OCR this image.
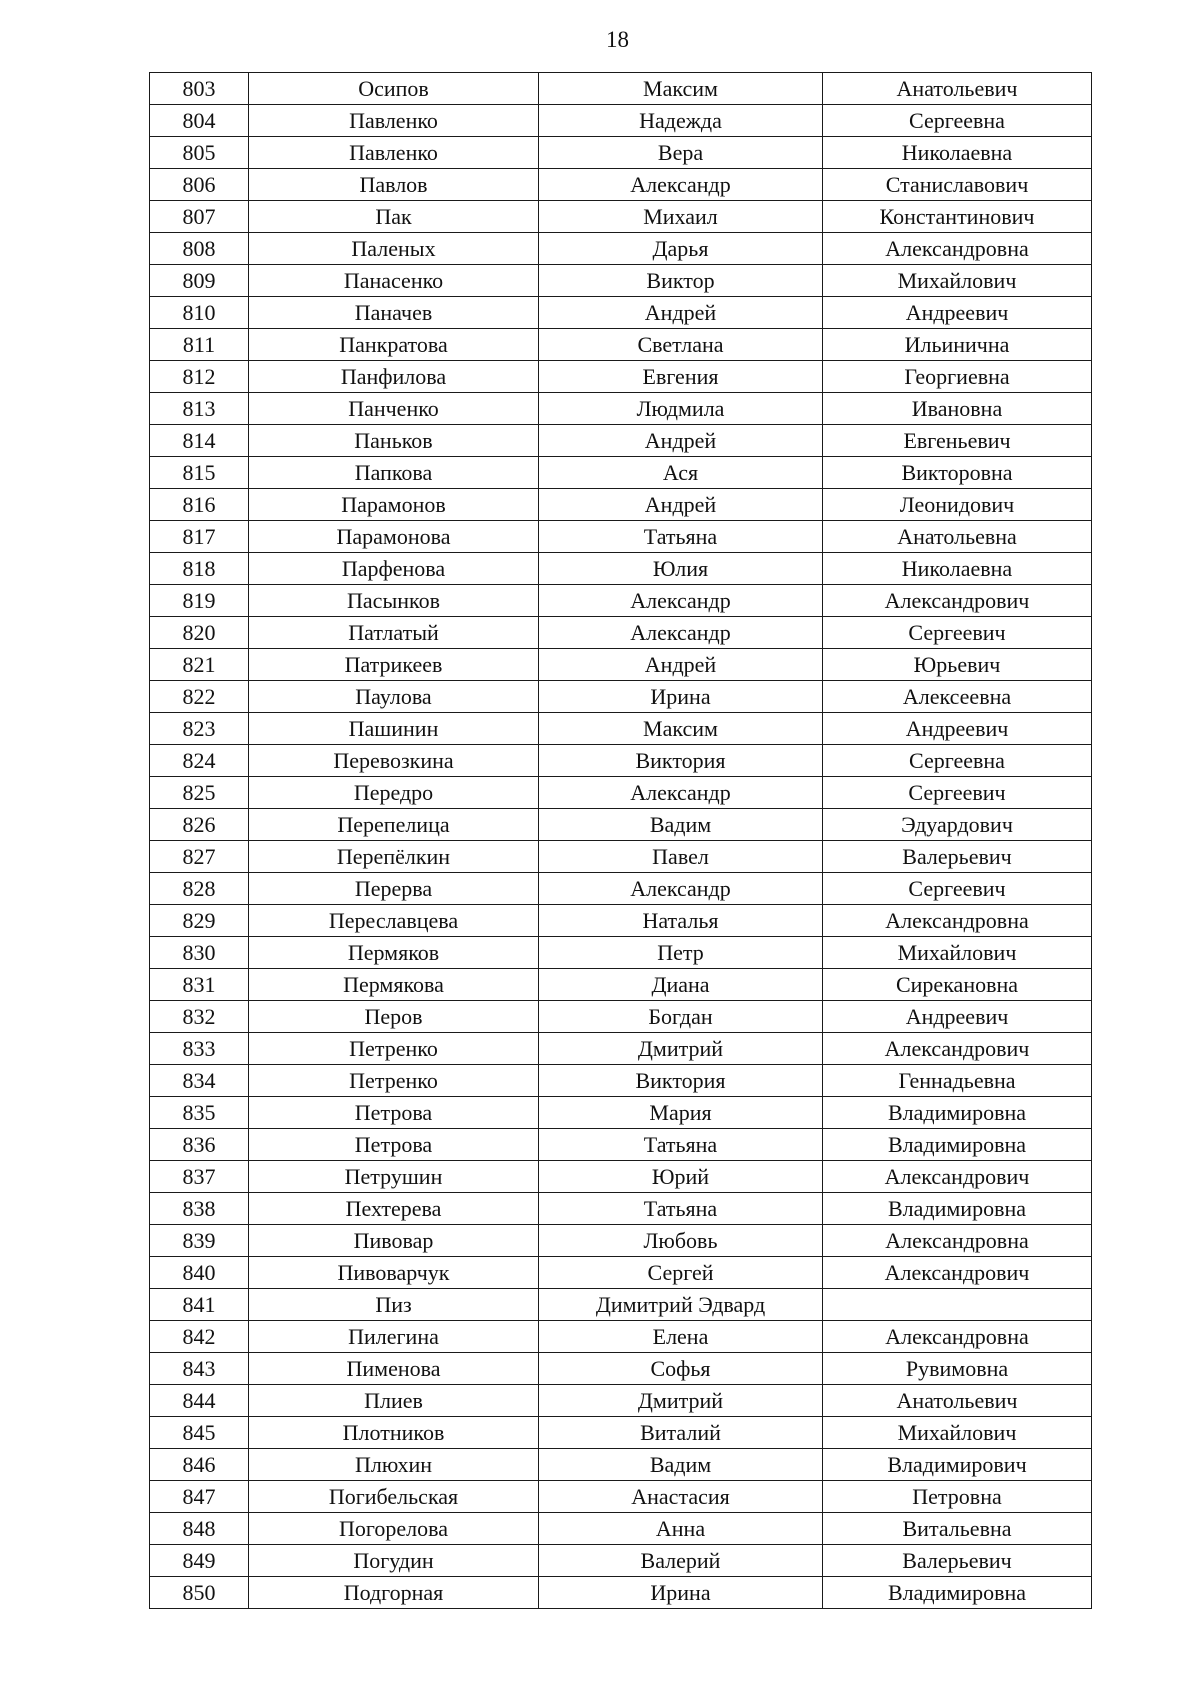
18
803	Осипов	Максим	Анатольевич
804	Павленко	Надежда	Сергеевна
805	Павленко	Вера	Николаевна
806	Павлов	Александр	Станиславович
807	Пак	Михаил	Константинович
808	Паленых	Дарья	Александровна
809	Панасенко	Виктор	Михайлович
810	Паначев	Андрей	Андреевич
811	Панкратова	Светлана	Ильинична
812	Панфилова	Евгения	Георгиевна
813	Панченко	Людмила	Ивановна
814	Паньков	Андрей	Евгеньевич
815	Папкова	Ася	Викторовна
816	Парамонов	Андрей	Леонидович
817	Парамонова	Татьяна	Анатольевна
818	Парфенова	Юлия	Николаевна
819	Пасынков	Александр	Александрович
820	Патлатый	Александр	Сергеевич
821	Патрикеев	Андрей	Юрьевич
822	Паулова	Ирина	Алексеевна
823	Пашинин	Максим	Андреевич
824	Перевозкина	Виктория	Сергеевна
825	Передро	Александр	Сергеевич
826	Перепелица	Вадим	Эдуардович
827	Перепёлкин	Павел	Валерьевич
828	Перерва	Александр	Сергеевич
829	Переславцева	Наталья	Александровна
830	Пермяков	Петр	Михайлович
831	Пермякова	Диана	Сирекановна
832	Перов	Богдан	Андреевич
833	Петренко	Дмитрий	Александрович
834	Петренко	Виктория	Геннадьевна
835	Петрова	Мария	Владимировна
836	Петрова	Татьяна	Владимировна
837	Петрушин	Юрий	Александрович
838	Пехтерева	Татьяна	Владимировна
839	Пивовар	Любовь	Александровна
840	Пивоварчук	Сергей	Александрович
841	Пиз	Димитрий Эдвард	
842	Пилегина	Елена	Александровна
843	Пименова	Софья	Рувимовна
844	Плиев	Дмитрий	Анатольевич
845	Плотников	Виталий	Михайлович
846	Плюхин	Вадим	Владимирович
847	Погибельская	Анастасия	Петровна
848	Погорелова	Анна	Витальевна
849	Погудин	Валерий	Валерьевич
850	Подгорная	Ирина	Владимировна
